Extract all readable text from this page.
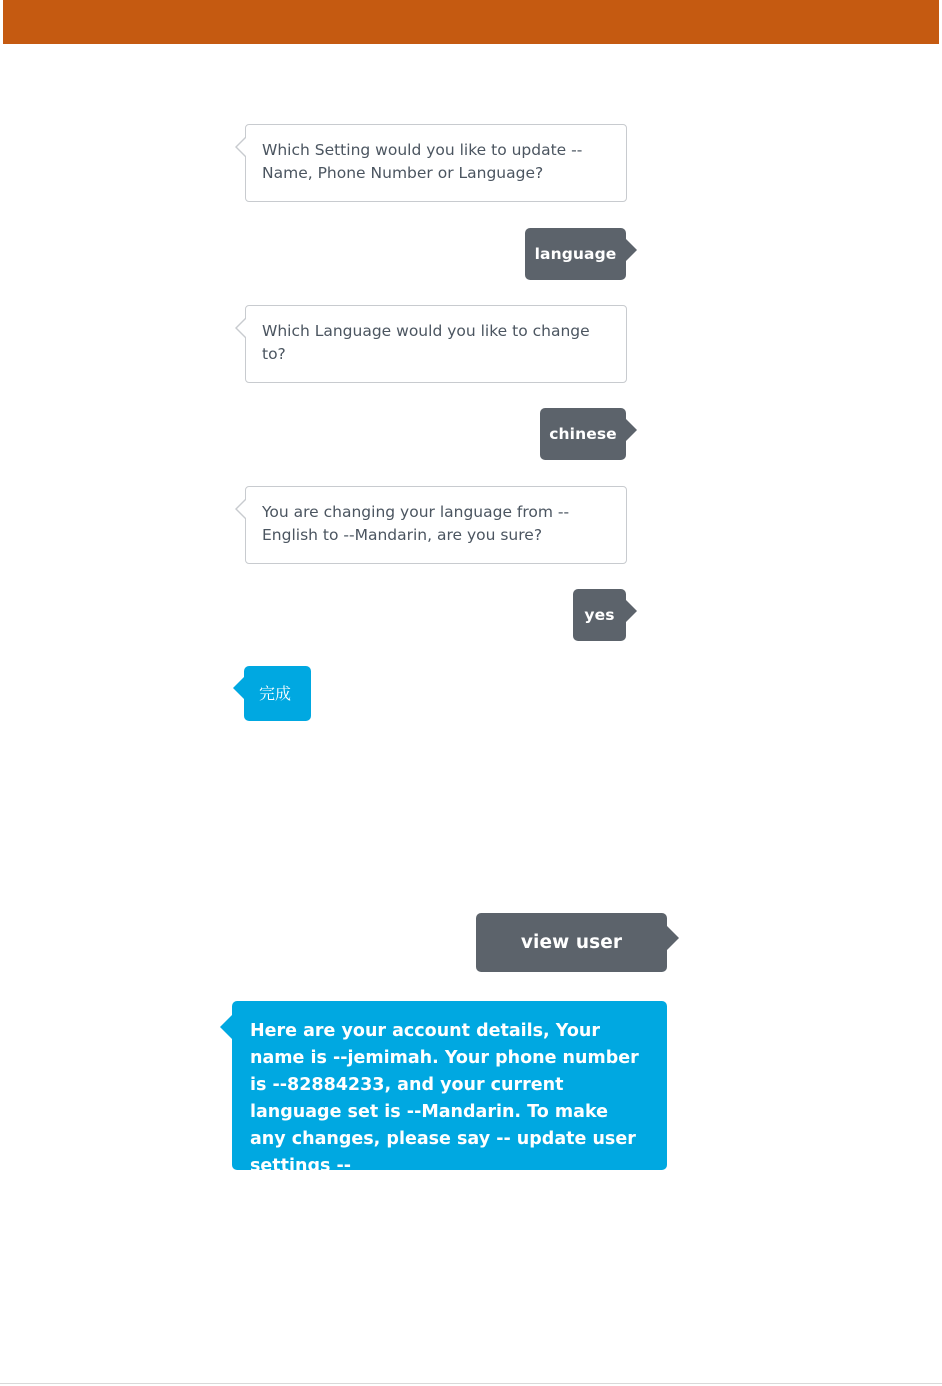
Which Setting would you like to update -- Name, Phone Number or Language?
language
Which Language would you like to change to?
chinese
You are changing your language from --English to --Mandarin, are you sure?
yes
完成
view user
Here are your account details, Your name is --jemimah. Your phone number is --82884233, and your current language set is --Mandarin. To make any changes, please say -- update user settings --
